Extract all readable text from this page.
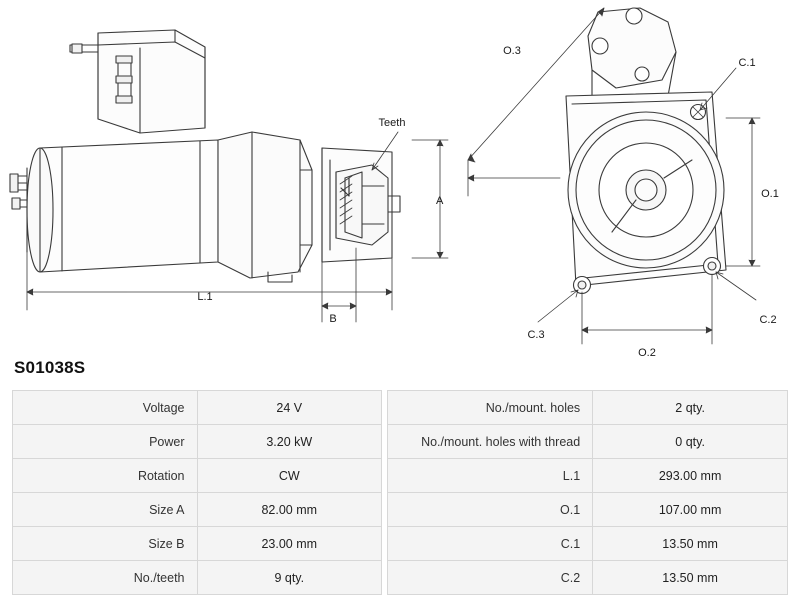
Teeth
A
B
L.1
O.3
O.1
O.2
C.1
C.2
C.3
S01038S
Voltage	24 V		No./mount. holes	2 qty.
Power	3.20 kW		No./mount. holes with thread	0 qty.
Rotation	CW		L.1	293.00 mm
Size A	82.00 mm		O.1	107.00 mm
Size B	23.00 mm		C.1	13.50 mm
No./teeth	9 qty.		C.2	13.50 mm
